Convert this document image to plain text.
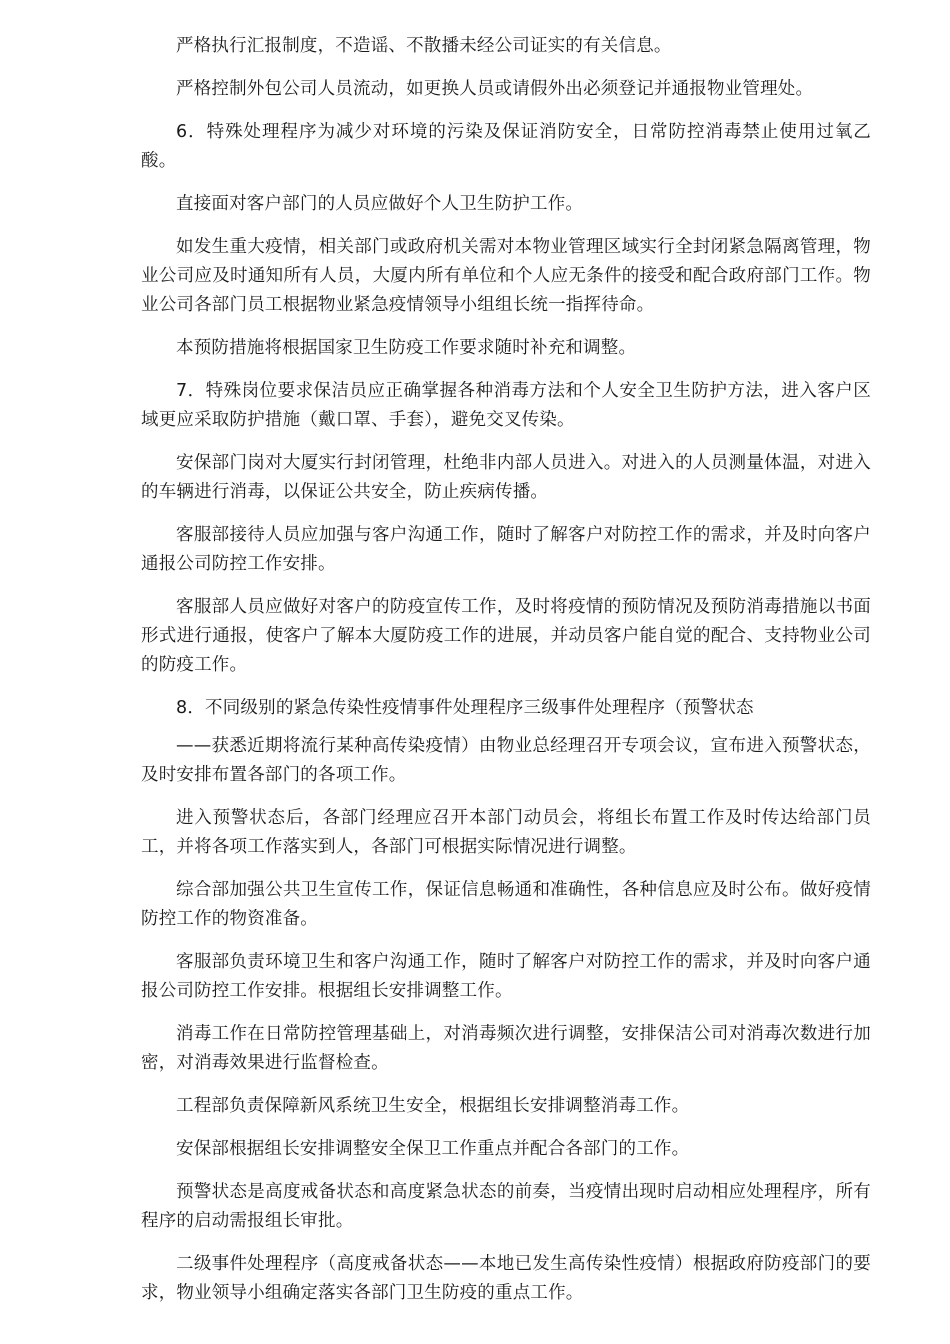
严格执行汇报制度，不造谣、不散播未经公司证实的有关信息。

严格控制外包公司人员流动，如更换人员或请假外出必须登记并通报物业管理处。

6．特殊处理程序为减少对环境的污染及保证消防安全，日常防控消毒禁止使用过氧乙酸。

直接面对客户部门的人员应做好个人卫生防护工作。

如发生重大疫情，相关部门或政府机关需对本物业管理区域实行全封闭紧急隔离管理，物业公司应及时通知所有人员，大厦内所有单位和个人应无条件的接受和配合政府部门工作。物业公司各部门员工根据物业紧急疫情领导小组组长统一指挥待命。

本预防措施将根据国家卫生防疫工作要求随时补充和调整。

7．特殊岗位要求保洁员应正确掌握各种消毒方法和个人安全卫生防护方法，进入客户区域更应采取防护措施（戴口罩、手套），避免交叉传染。

安保部门岗对大厦实行封闭管理，杜绝非内部人员进入。对进入的人员测量体温，对进入的车辆进行消毒，以保证公共安全，防止疾病传播。

客服部接待人员应加强与客户沟通工作，随时了解客户对防控工作的需求，并及时向客户通报公司防控工作安排。

客服部人员应做好对客户的防疫宣传工作，及时将疫情的预防情况及预防消毒措施以书面形式进行通报，使客户了解本大厦防疫工作的进展，并动员客户能自觉的配合、支持物业公司的防疫工作。

8．不同级别的紧急传染性疫情事件处理程序三级事件处理程序（预警状态

——获悉近期将流行某种高传染疫情）由物业总经理召开专项会议，宣布进入预警状态，及时安排布置各部门的各项工作。

进入预警状态后，各部门经理应召开本部门动员会，将组长布置工作及时传达给部门员工，并将各项工作落实到人，各部门可根据实际情况进行调整。

综合部加强公共卫生宣传工作，保证信息畅通和准确性，各种信息应及时公布。做好疫情防控工作的物资准备。

客服部负责环境卫生和客户沟通工作，随时了解客户对防控工作的需求，并及时向客户通报公司防控工作安排。根据组长安排调整工作。

消毒工作在日常防控管理基础上，对消毒频次进行调整，安排保洁公司对消毒次数进行加密，对消毒效果进行监督检查。

工程部负责保障新风系统卫生安全，根据组长安排调整消毒工作。

安保部根据组长安排调整安全保卫工作重点并配合各部门的工作。

预警状态是高度戒备状态和高度紧急状态的前奏，当疫情出现时启动相应处理程序，所有程序的启动需报组长审批。

二级事件处理程序（高度戒备状态——本地已发生高传染性疫情）根据政府防疫部门的要求，物业领导小组确定落实各部门卫生防疫的重点工作。
